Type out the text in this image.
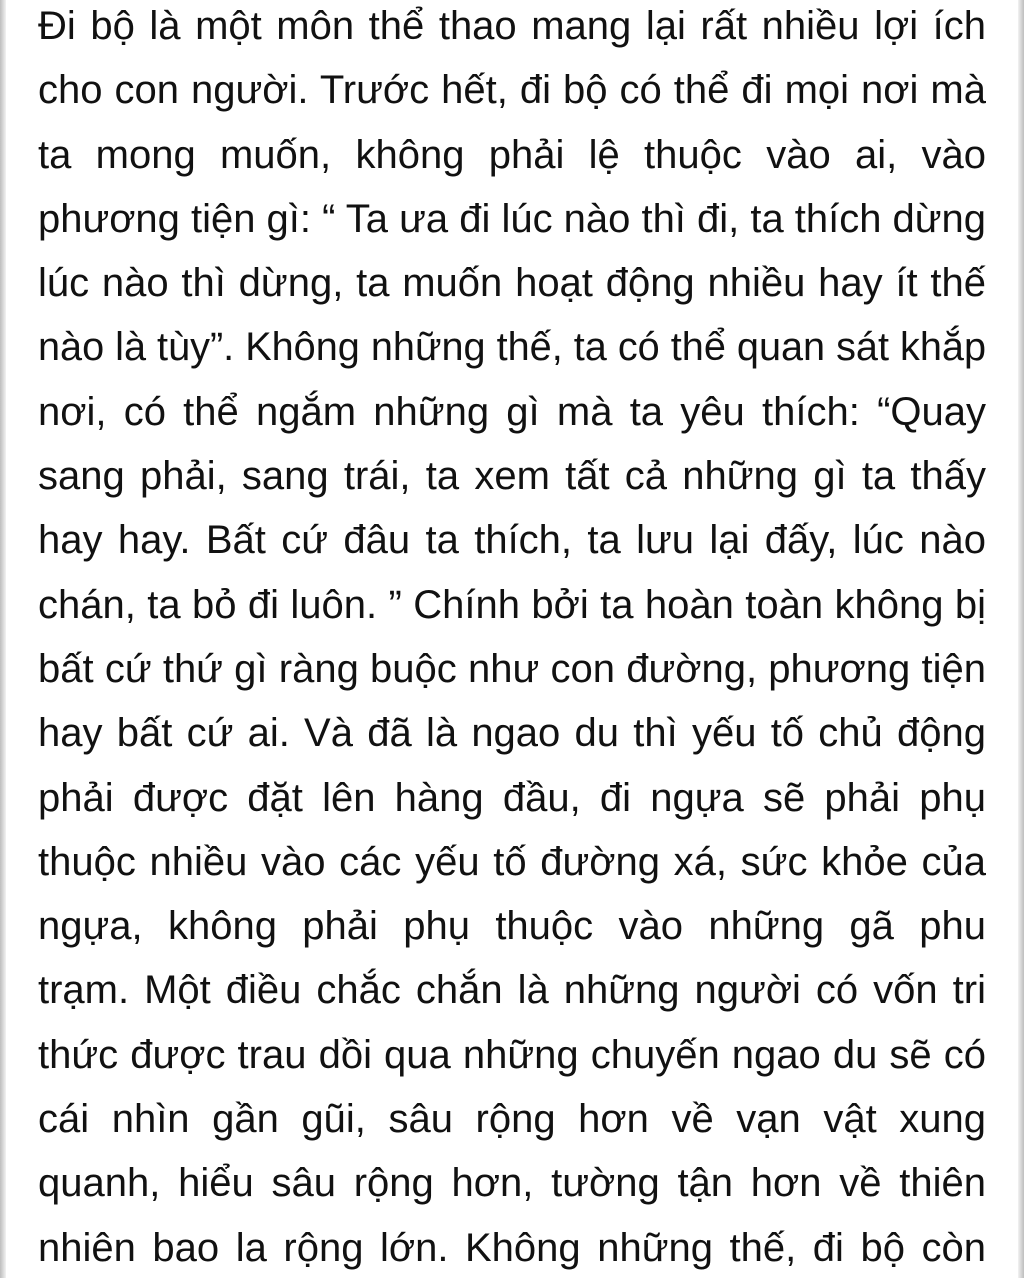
Đi bộ là một môn thể thao mang lại rất nhiều lợi ích
cho con người. Trước hết, đi bộ có thể đi mọi nơi mà
ta mong muốn, không phải lệ thuộc vào ai, vào
phương tiện gì: “ Ta ưa đi lúc nào thì đi, ta thích dừng
lúc nào thì dừng, ta muốn hoạt động nhiều hay ít thế
nào là tùy”. Không những thế, ta có thể quan sát khắp
nơi, có thể ngắm những gì mà ta yêu thích: “Quay
sang phải, sang trái, ta xem tất cả những gì ta thấy
hay hay. Bất cứ đâu ta thích, ta lưu lại đấy, lúc nào
chán, ta bỏ đi luôn. ” Chính bởi ta hoàn toàn không bị
bất cứ thứ gì ràng buộc như con đường, phương tiện
hay bất cứ ai. Và đã là ngao du thì yếu tố chủ động
phải được đặt lên hàng đầu, đi ngựa sẽ phải phụ
thuộc nhiều vào các yếu tố đường xá, sức khỏe của
ngựa, không phải phụ thuộc vào những gã phu
trạm. Một điều chắc chắn là những người có vốn tri
thức được trau dồi qua những chuyến ngao du sẽ có
cái nhìn gần gũi, sâu rộng hơn về vạn vật xung
quanh, hiểu sâu rộng hơn, tường tận hơn về thiên
nhiên bao la rộng lớn. Không những thế, đi bộ còn
